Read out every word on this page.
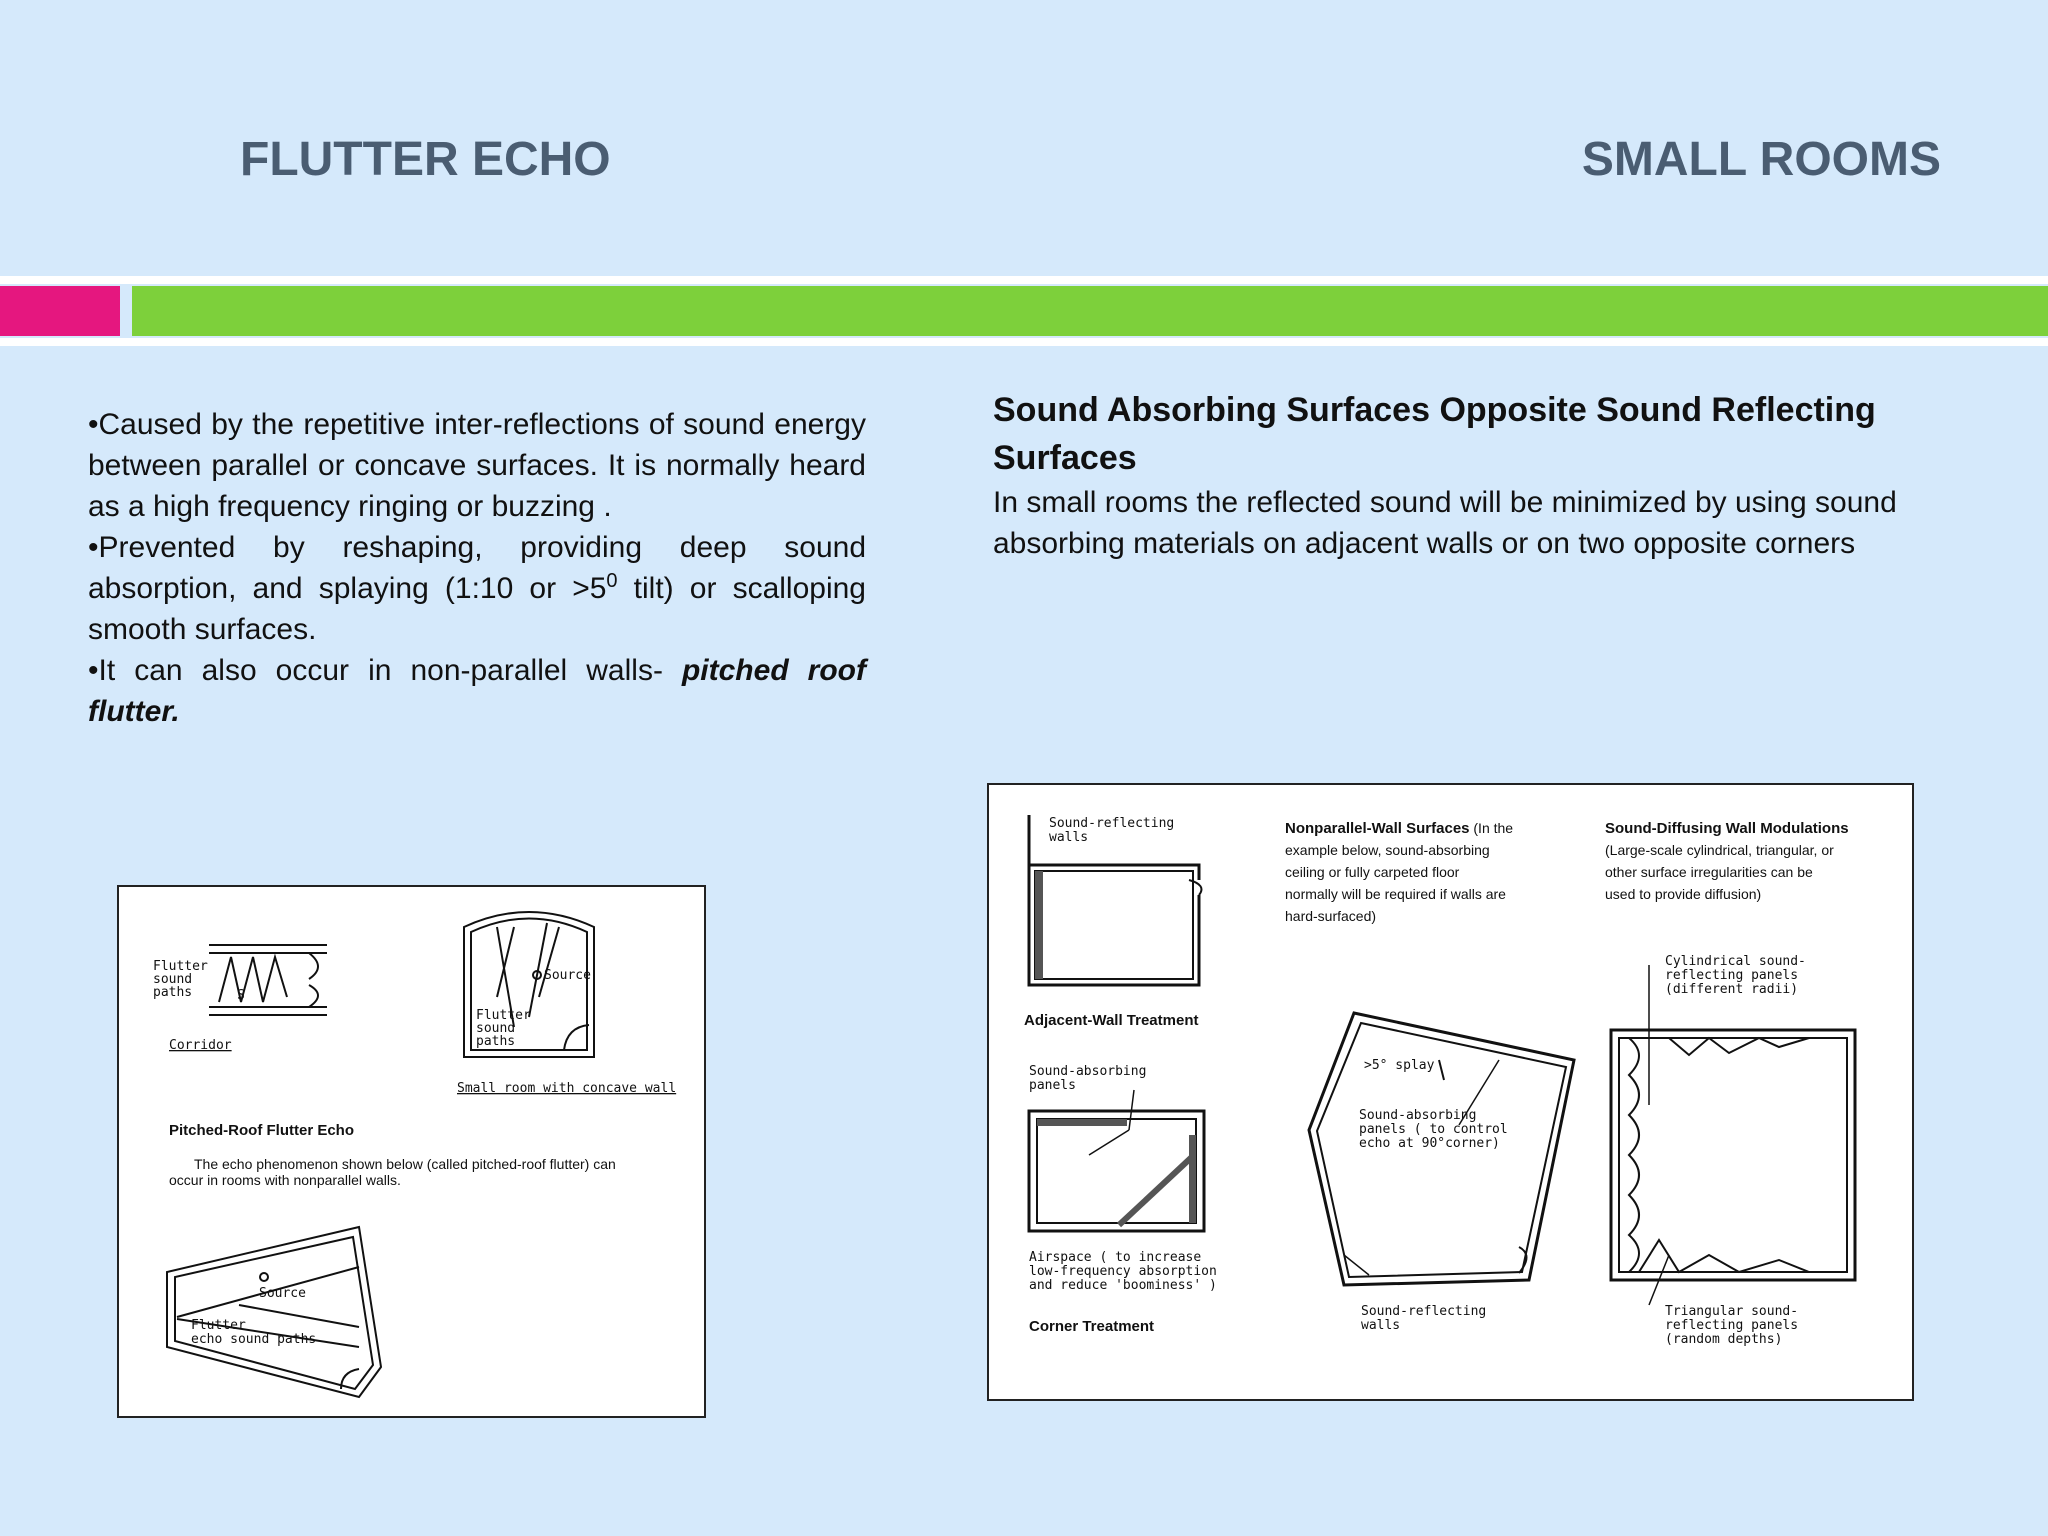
FLUTTER ECHO	SMALL ROOMS

•Caused by the repetitive inter-reflections of sound energy between parallel or concave surfaces. It is normally heard as a high frequency ringing or buzzing .

•Prevented by reshaping, providing deep sound absorption, and splaying (1:10 or $>5^0$ tilt) or scalloping smooth surfaces.

•It can also occur in non-parallel walls- pitched roof flutter.

Sound Absorbing Surfaces Opposite Sound Reflecting Surfaces

In small rooms the reflected sound will be minimized by using sound absorbing materials on adjacent walls or on two opposite corners

Flutter
sound
paths	S
Corridor
Source
Flutter
sound
paths
Small room with concave wall
Pitched-Roof Flutter Echo
The echo phenomenon shown below (called pitched-roof flutter) can
occur in rooms with nonparallel walls.
Source
Flutter
echo sound paths
Sound-reflecting
walls
Adjacent-Wall Treatment
Sound-absorbing
panels
Airspace ( to increase
low-frequency absorption
and reduce 'boominess' )
Corner Treatment
Nonparallel-Wall Surfaces (In the
example below, sound-absorbing
ceiling or fully carpeted floor
normally will be required if walls are
hard-surfaced)
>5° splay
Sound-absorbing
panels ( to control
echo at 90°corner)
Sound-reflecting
walls
Sound-Diffusing Wall Modulations
(Large-scale cylindrical, triangular, or
other surface irregularities can be
used to provide diffusion)
Cylindrical sound-
reflecting panels
(different radii)
Triangular sound-
reflecting panels
(random depths)
